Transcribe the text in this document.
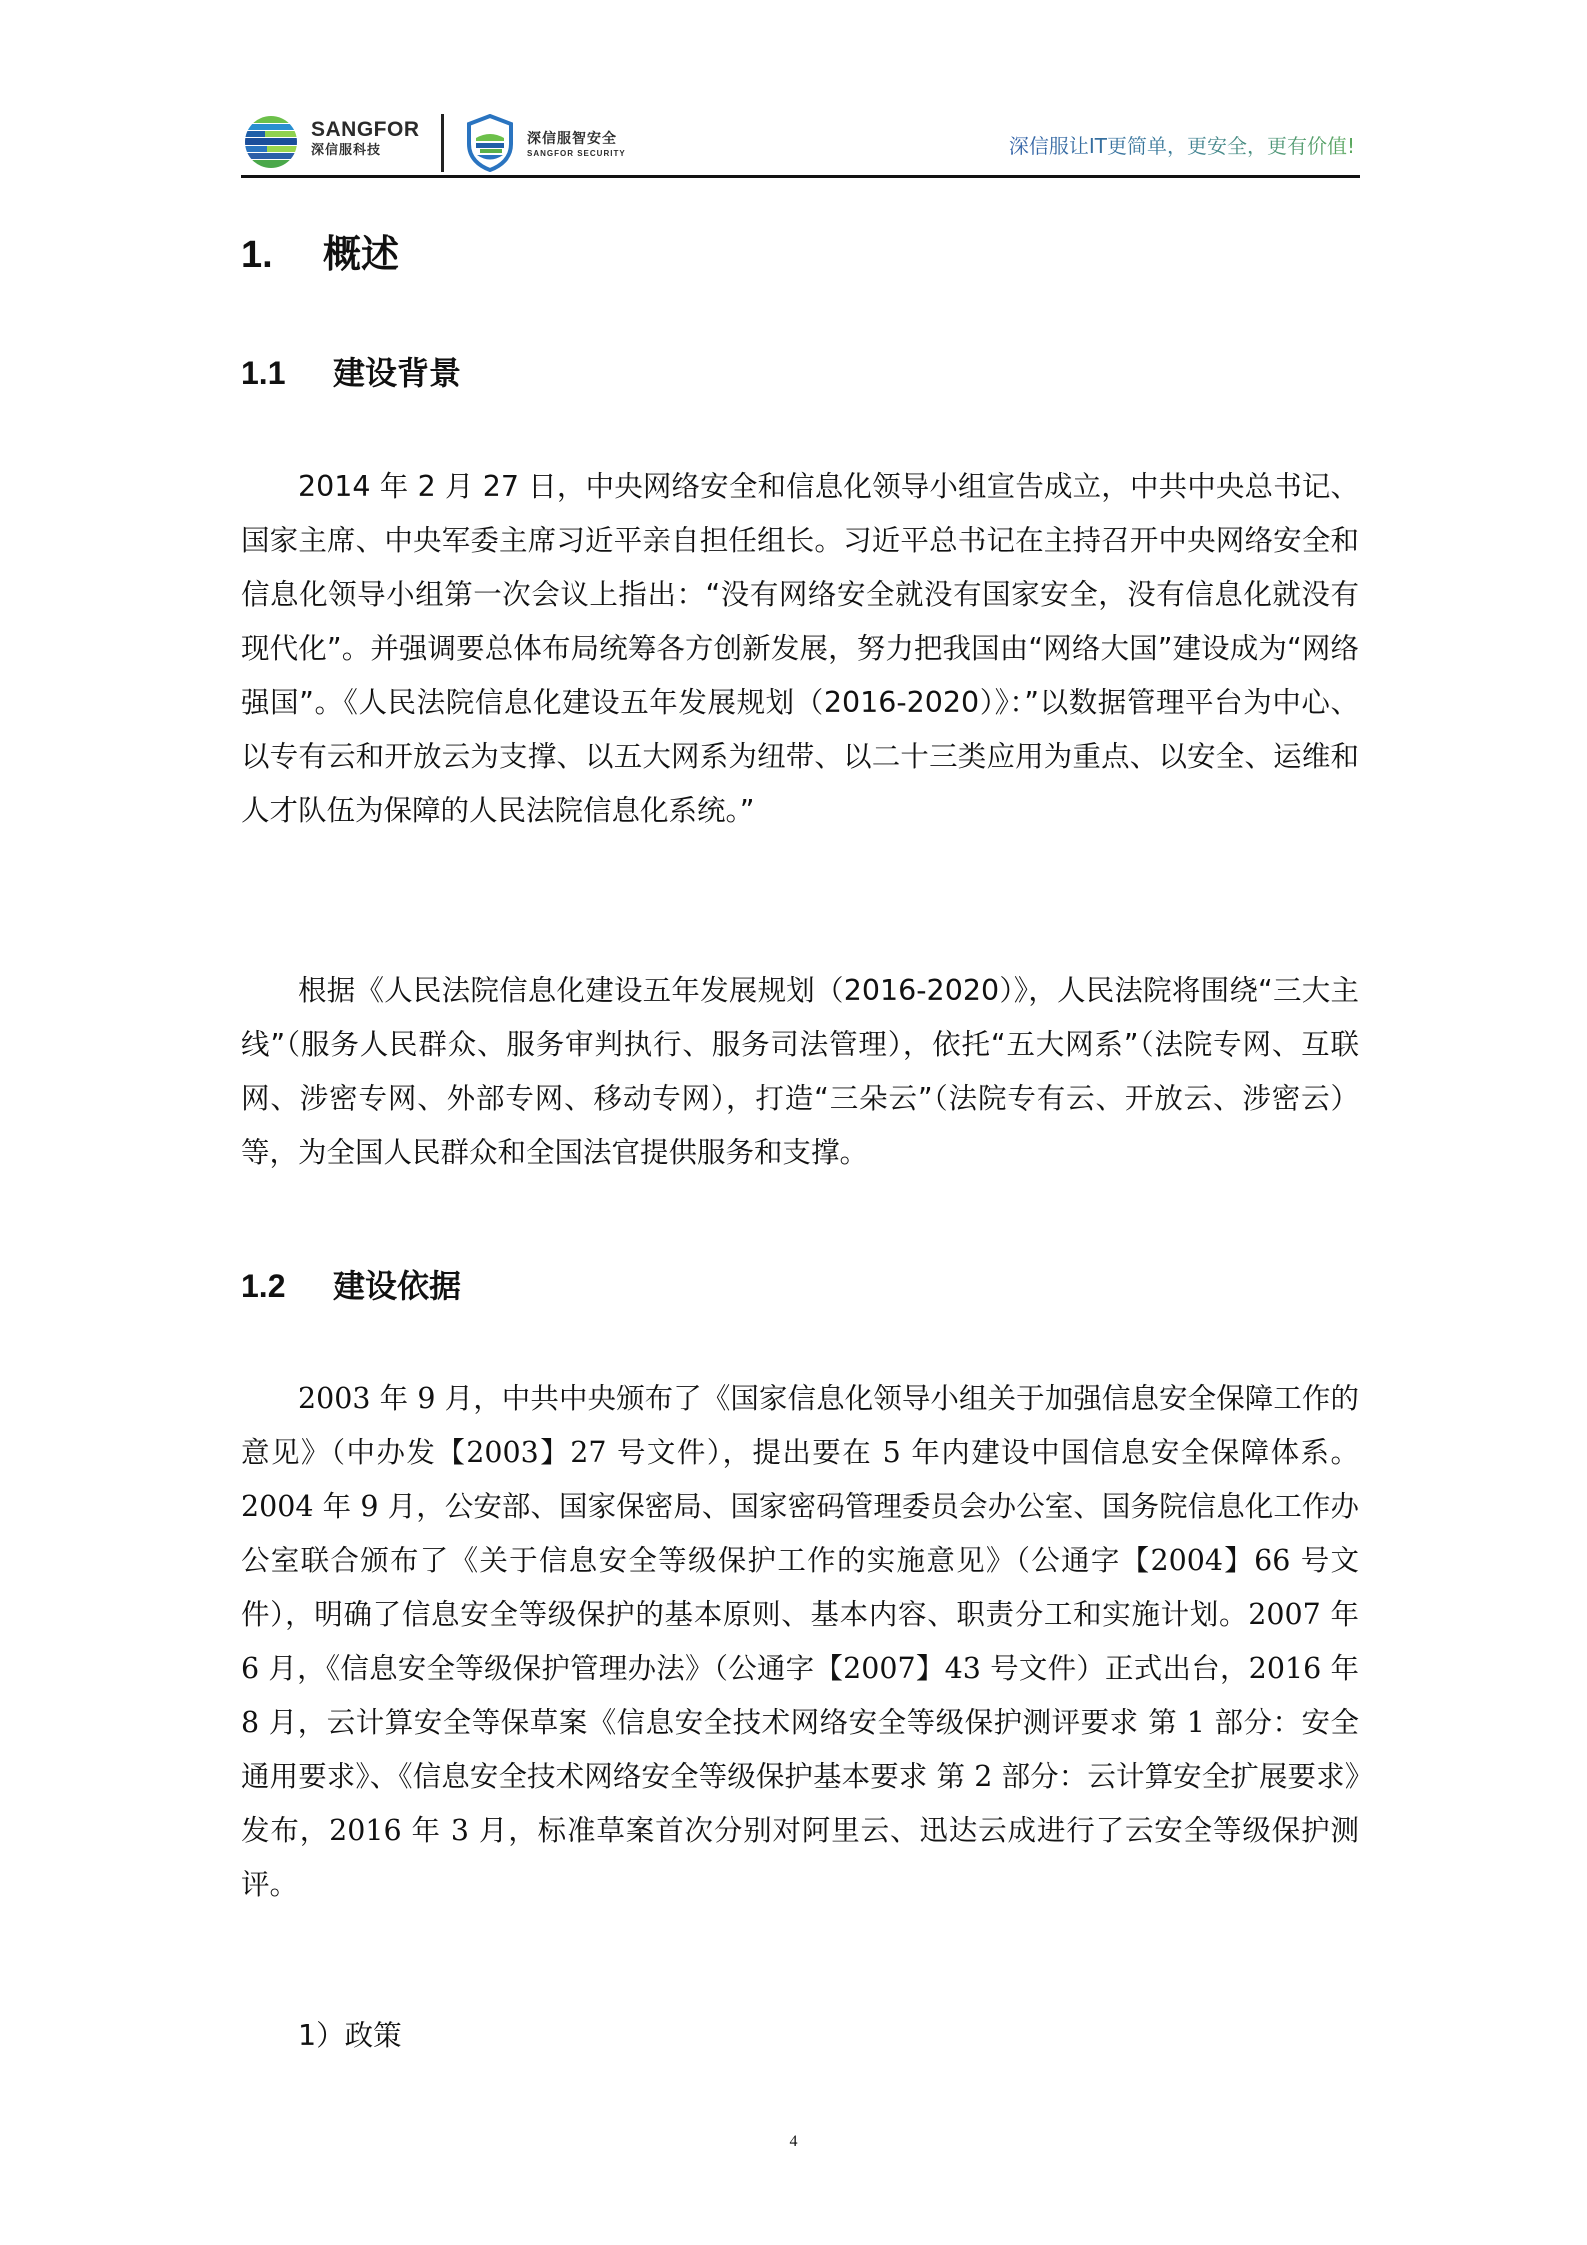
SANGFOR
深信服科技
深信服智安全
SANGFOR SECURITY	深信服让IT更简单，更安全，更有价值!
1. 概述
1.1 建设背景

2014 年 2 月 27 日，中央网络安全和信息化领导小组宣告成立，中共中央总书记、国家主席、中央军委主席习近平亲自担任组长。习近平总书记在主持召开中央网络安全和信息化领导小组第一次会议上指出：“没有网络安全就没有国家安全，没有信息化就没有现代化”。并强调要总体布局统筹各方创新发展，努力把我国由“网络大国”建设成为“网络强国”。《人民法院信息化建设五年发展规划（2016-2020）》：”以数据管理平台为中心、以专有云和开放云为支撑、以五大网系为纽带、以二十三类应用为重点、以安全、运维和人才队伍为保障的人民法院信息化系统。”

根据《人民法院信息化建设五年发展规划（2016-2020）》，人民法院将围绕“三大主线”（服务人民群众、服务审判执行、服务司法管理），依托“五大网系”（法院专网、互联网、涉密专网、外部专网、移动专网），打造“三朵云”（法院专有云、开放云、涉密云）等，为全国人民群众和全国法官提供服务和支撑。

1.2 建设依据

2003 年 9 月，中共中央颁布了《国家信息化领导小组关于加强信息安全保障工作的意见》（中办发【2003】27 号文件），提出要在 5 年内建设中国信息安全保障体系。2004 年 9 月，公安部、国家保密局、国家密码管理委员会办公室、国务院信息化工作办公室联合颁布了《关于信息安全等级保护工作的实施意见》（公通字【2004】66 号文件），明确了信息安全等级保护的基本原则、基本内容、职责分工和实施计划。2007 年 6 月，《信息安全等级保护管理办法》（公通字【2007】43 号文件）正式出台，2016 年 8 月，云计算安全等保草案《信息安全技术网络安全等级保护测评要求 第 1 部分：安全通用要求》、《信息安全技术网络安全等级保护基本要求 第 2 部分：云计算安全扩展要求》发布，2016 年 3 月，标准草案首次分别对阿里云、迅达云成进行了云安全等级保护测评。

1）政策
4
